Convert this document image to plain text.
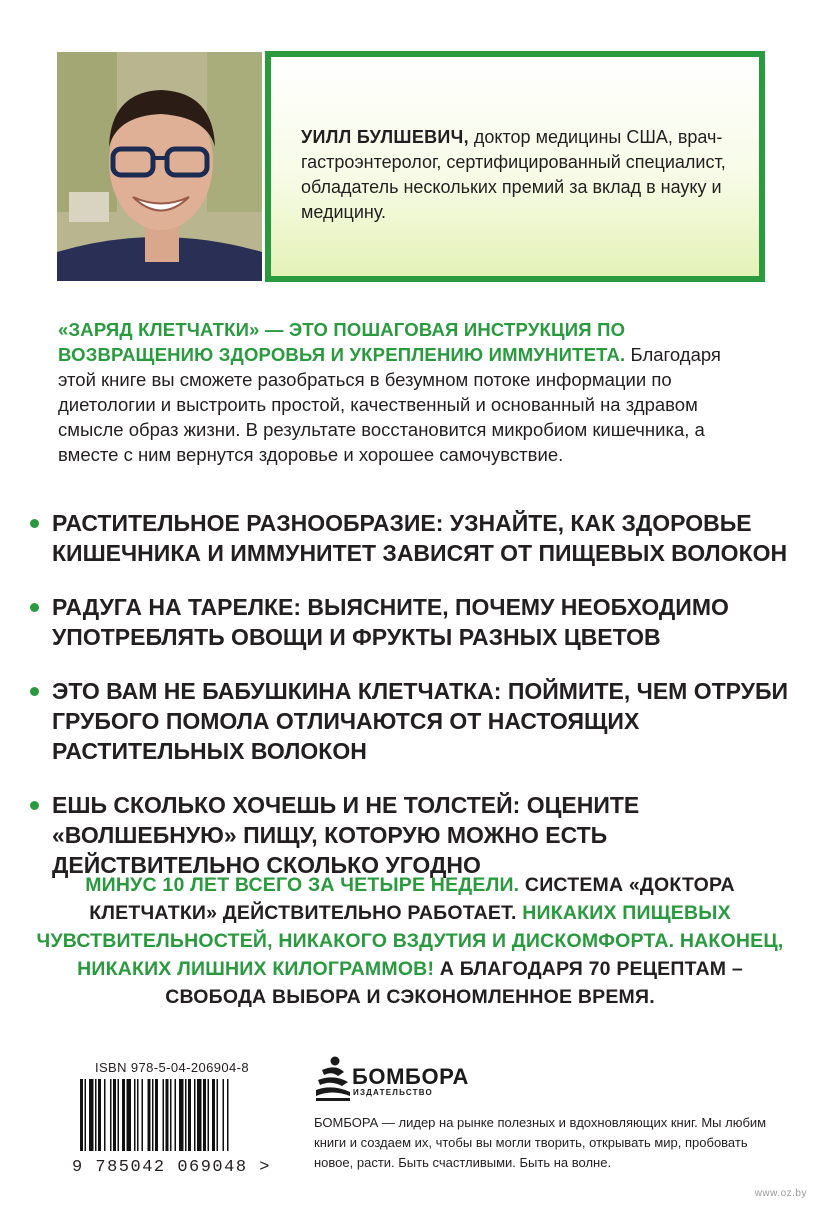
УИЛЛ БУЛШЕВИЧ, доктор медицины США, врач-гастроэнтеролог, сертифицированный специалист, обладатель нескольких премий за вклад в науку и медицину.
«ЗАРЯД КЛЕТЧАТКИ» — ЭТО ПОШАГОВАЯ ИНСТРУКЦИЯ ПО ВОЗВРАЩЕНИЮ ЗДОРОВЬЯ И УКРЕПЛЕНИЮ ИММУНИТЕТА. Благодаря этой книге вы сможете разобраться в безумном потоке информации по диетологии и выстроить простой, качественный и основанный на здравом смысле образ жизни. В результате восстановится микробиом кишечника, а вместе с ним вернутся здоровье и хорошее самочувствие.
РАСТИТЕЛЬНОЕ РАЗНООБРАЗИЕ: УЗНАЙТЕ, КАК ЗДОРОВЬЕ КИШЕЧНИКА И ИММУНИТЕТ ЗАВИСЯТ ОТ ПИЩЕВЫХ ВОЛОКОН
РАДУГА НА ТАРЕЛКЕ: ВЫЯСНИТЕ, ПОЧЕМУ НЕОБХОДИМО УПОТРЕБЛЯТЬ ОВОЩИ И ФРУКТЫ РАЗНЫХ ЦВЕТОВ
ЭТО ВАМ НЕ БАБУШКИНА КЛЕТЧАТКА: ПОЙМИТЕ, ЧЕМ ОТРУБИ ГРУБОГО ПОМОЛА ОТЛИЧАЮТСЯ ОТ НАСТОЯЩИХ РАСТИТЕЛЬНЫХ ВОЛОКОН
ЕШЬ СКОЛЬКО ХОЧЕШЬ И НЕ ТОЛСТЕЙ: ОЦЕНИТЕ «ВОЛШЕБНУЮ» ПИЩУ, КОТОРУЮ МОЖНО ЕСТЬ ДЕЙСТВИТЕЛЬНО СКОЛЬКО УГОДНО
МИНУС 10 ЛЕТ ВСЕГО ЗА ЧЕТЫРЕ НЕДЕЛИ. СИСТЕМА «ДОКТОРА КЛЕТЧАТКИ» ДЕЙСТВИТЕЛЬНО РАБОТАЕТ. НИКАКИХ ПИЩЕВЫХ ЧУВСТВИТЕЛЬНОСТЕЙ, НИКАКОГО ВЗДУТИЯ И ДИСКОМФОРТА. НАКОНЕЦ, НИКАКИХ ЛИШНИХ КИЛОГРАММОВ! А БЛАГОДАРЯ 70 РЕЦЕПТАМ – СВОБОДА ВЫБОРА И СЭКОНОМЛЕННОЕ ВРЕМЯ.
ISBN 978-5-04-206904-8
9 785042 069048 >
БОМБОРА
ИЗДАТЕЛЬСТВО
БОМБОРА — лидер на рынке полезных и вдохновляющих книг. Мы любим книги и создаем их, чтобы вы могли творить, открывать мир, пробовать новое, расти. Быть счастливыми. Быть на волне.
www.oz.by
